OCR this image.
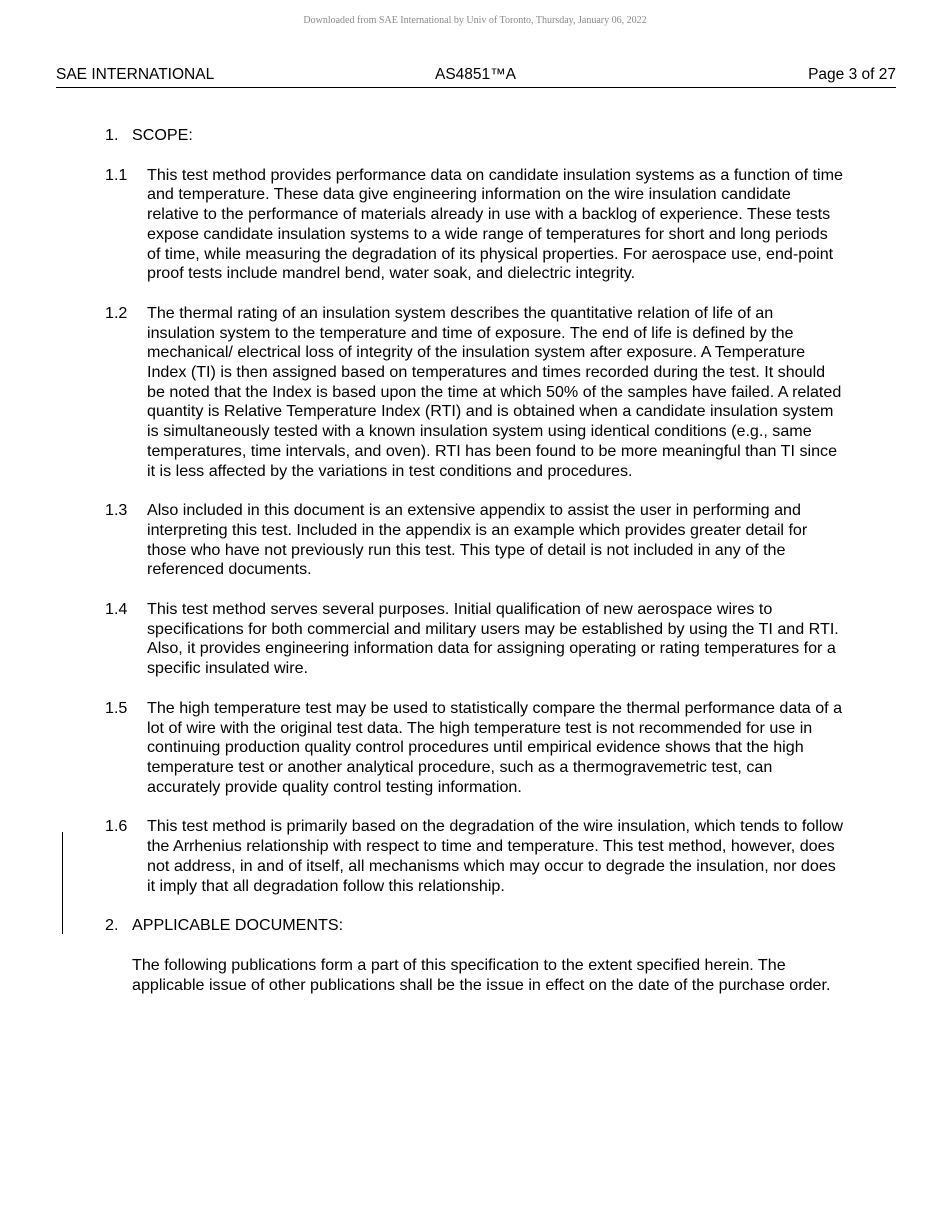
Downloaded from SAE International by Univ of Toronto, Thursday, January 06, 2022
SAE INTERNATIONAL	AS4851™A	Page 3 of 27
1. SCOPE:
1.1	This test method provides performance data on candidate insulation systems as a function of time and temperature. These data give engineering information on the wire insulation candidate relative to the performance of materials already in use with a backlog of experience. These tests expose candidate insulation systems to a wide range of temperatures for short and long periods of time, while measuring the degradation of its physical properties. For aerospace use, end-point proof tests include mandrel bend, water soak, and dielectric integrity.
1.2	The thermal rating of an insulation system describes the quantitative relation of life of an insulation system to the temperature and time of exposure. The end of life is defined by the mechanical/ electrical loss of integrity of the insulation system after exposure. A Temperature Index (TI) is then assigned based on temperatures and times recorded during the test. It should be noted that the Index is based upon the time at which 50% of the samples have failed. A related quantity is Relative Temperature Index (RTI) and is obtained when a candidate insulation system is simultaneously tested with a known insulation system using identical conditions (e.g., same temperatures, time intervals, and oven). RTI has been found to be more meaningful than TI since it is less affected by the variations in test conditions and procedures.
1.3	Also included in this document is an extensive appendix to assist the user in performing and interpreting this test. Included in the appendix is an example which provides greater detail for those who have not previously run this test. This type of detail is not included in any of the referenced documents.
1.4	This test method serves several purposes. Initial qualification of new aerospace wires to specifications for both commercial and military users may be established by using the TI and RTI. Also, it provides engineering information data for assigning operating or rating temperatures for a specific insulated wire.
1.5	The high temperature test may be used to statistically compare the thermal performance data of a lot of wire with the original test data. The high temperature test is not recommended for use in continuing production quality control procedures until empirical evidence shows that the high temperature test or another analytical procedure, such as a thermogravemetric test, can accurately provide quality control testing information.
1.6	This test method is primarily based on the degradation of the wire insulation, which tends to follow the Arrhenius relationship with respect to time and temperature. This test method, however, does not address, in and of itself, all mechanisms which may occur to degrade the insulation, nor does it imply that all degradation follow this relationship.
2. APPLICABLE DOCUMENTS:
The following publications form a part of this specification to the extent specified herein. The applicable issue of other publications shall be the issue in effect on the date of the purchase order.
